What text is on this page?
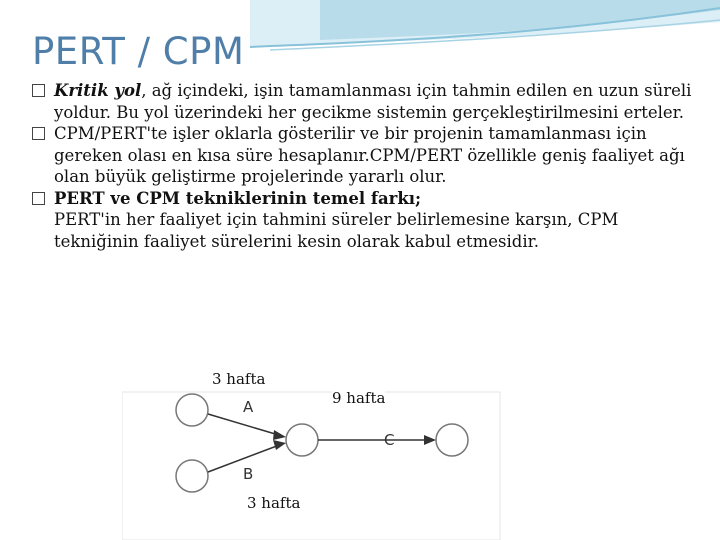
PERT / CPM
Kritik yol, ağ içindeki, işin tamamlanması için tahmin edilen en uzun süreli yoldur. Bu yol üzerindeki her gecikme sistemin gerçekleştirilmesini erteler.
CPM/PERT'te işler oklarla gösterilir ve bir projenin tamamlanması için gereken olası en kısa süre hesaplanır.CPM/PERT özellikle geniş faaliyet ağı olan büyük geliştirme projelerinde yararlı olur.
PERT ve CPM tekniklerinin temel farkı;
PERT'in her faaliyet için tahmini süreler belirlemesine karşın, CPM tekniğinin faaliyet sürelerini kesin olarak kabul etmesidir.
A
B
C
3 hafta
9 hafta
3 hafta
